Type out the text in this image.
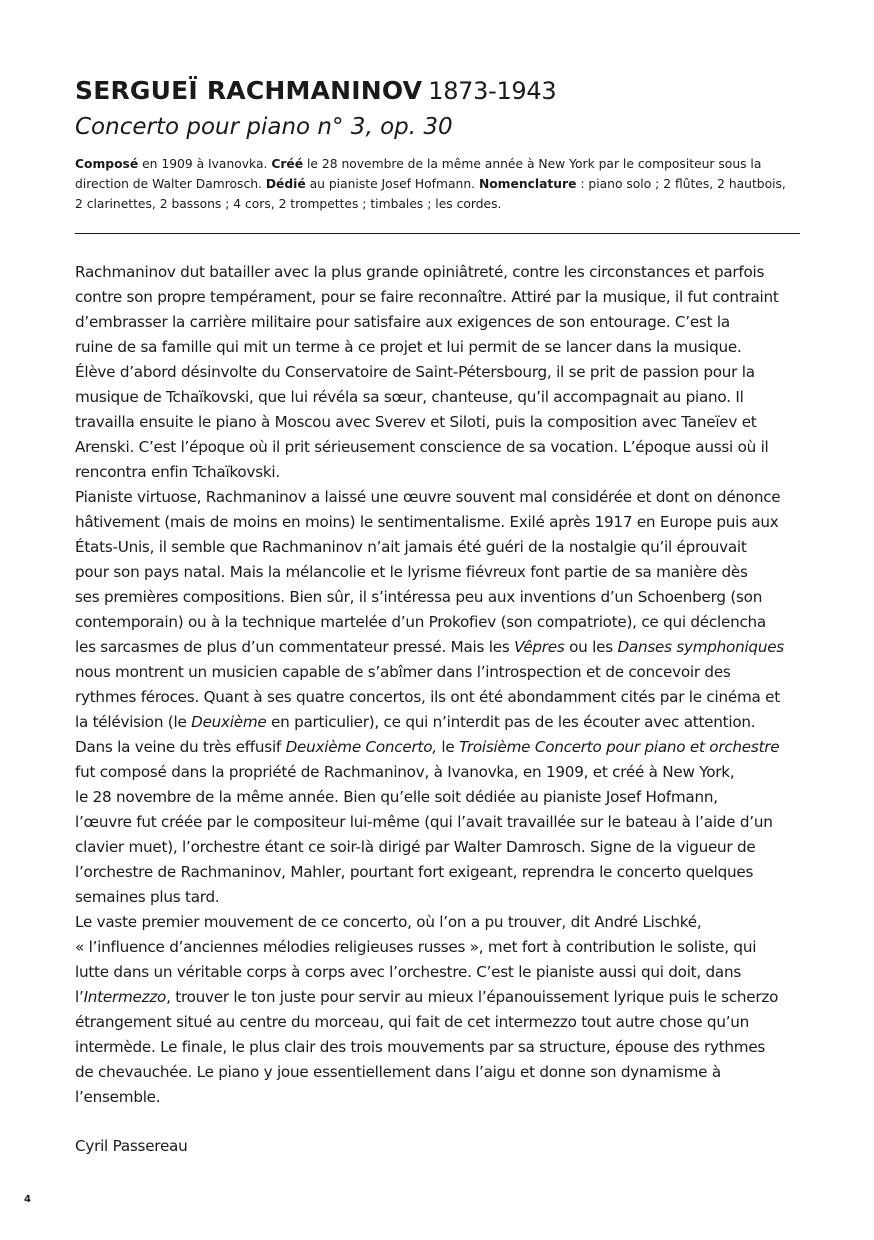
SERGUEÏ RACHMANINOV 1873-1943
Concerto pour piano n° 3, op. 30

Composé en 1909 à Ivanovka. Créé le 28 novembre de la même année à New York par le compositeur sous la
direction de Walter Damrosch. Dédié au pianiste Josef Hofmann. Nomenclature : piano solo ; 2 flûtes, 2 hautbois,
2 clarinettes, 2 bassons ; 4 cors, 2 trompettes ; timbales ; les cordes.

Rachmaninov dut batailler avec la plus grande opiniâtreté, contre les circonstances et parfois
contre son propre tempérament, pour se faire reconnaître. Attiré par la musique, il fut contraint
d’embrasser la carrière militaire pour satisfaire aux exigences de son entourage. C’est la
ruine de sa famille qui mit un terme à ce projet et lui permit de se lancer dans la musique.
Élève d’abord désinvolte du Conservatoire de Saint-Pétersbourg, il se prit de passion pour la
musique de Tchaïkovski, que lui révéla sa sœur, chanteuse, qu’il accompagnait au piano. Il
travailla ensuite le piano à Moscou avec Sverev et Siloti, puis la composition avec Taneïev et
Arenski. C’est l’époque où il prit sérieusement conscience de sa vocation. L’époque aussi où il
rencontra enfin Tchaïkovski.
Pianiste virtuose, Rachmaninov a laissé une œuvre souvent mal considérée et dont on dénonce
hâtivement (mais de moins en moins) le sentimentalisme. Exilé après 1917 en Europe puis aux
États-Unis, il semble que Rachmaninov n’ait jamais été guéri de la nostalgie qu’il éprouvait
pour son pays natal. Mais la mélancolie et le lyrisme fiévreux font partie de sa manière dès
ses premières compositions. Bien sûr, il s’intéressa peu aux inventions d’un Schoenberg (son
contemporain) ou à la technique martelée d’un Prokofiev (son compatriote), ce qui déclencha
les sarcasmes de plus d’un commentateur pressé. Mais les Vêpres ou les Danses symphoniques
nous montrent un musicien capable de s’abîmer dans l’introspection et de concevoir des
rythmes féroces. Quant à ses quatre concertos, ils ont été abondamment cités par le cinéma et
la télévision (le Deuxième en particulier), ce qui n’interdit pas de les écouter avec attention.
Dans la veine du très effusif Deuxième Concerto, le Troisième Concerto pour piano et orchestre
fut composé dans la propriété de Rachmaninov, à Ivanovka, en 1909, et créé à New York,
le 28 novembre de la même année. Bien qu’elle soit dédiée au pianiste Josef Hofmann,
l’œuvre fut créée par le compositeur lui-même (qui l’avait travaillée sur le bateau à l’aide d’un
clavier muet), l’orchestre étant ce soir-là dirigé par Walter Damrosch. Signe de la vigueur de
l’orchestre de Rachmaninov, Mahler, pourtant fort exigeant, reprendra le concerto quelques
semaines plus tard.
Le vaste premier mouvement de ce concerto, où l’on a pu trouver, dit André Lischké,
« l’influence d’anciennes mélodies religieuses russes », met fort à contribution le soliste, qui
lutte dans un véritable corps à corps avec l’orchestre. C’est le pianiste aussi qui doit, dans
l’Intermezzo, trouver le ton juste pour servir au mieux l’épanouissement lyrique puis le scherzo
étrangement situé au centre du morceau, qui fait de cet intermezzo tout autre chose qu’un
intermède. Le finale, le plus clair des trois mouvements par sa structure, épouse des rythmes
de chevauchée. Le piano y joue essentiellement dans l’aigu et donne son dynamisme à
l’ensemble.
Cyril Passereau
4
